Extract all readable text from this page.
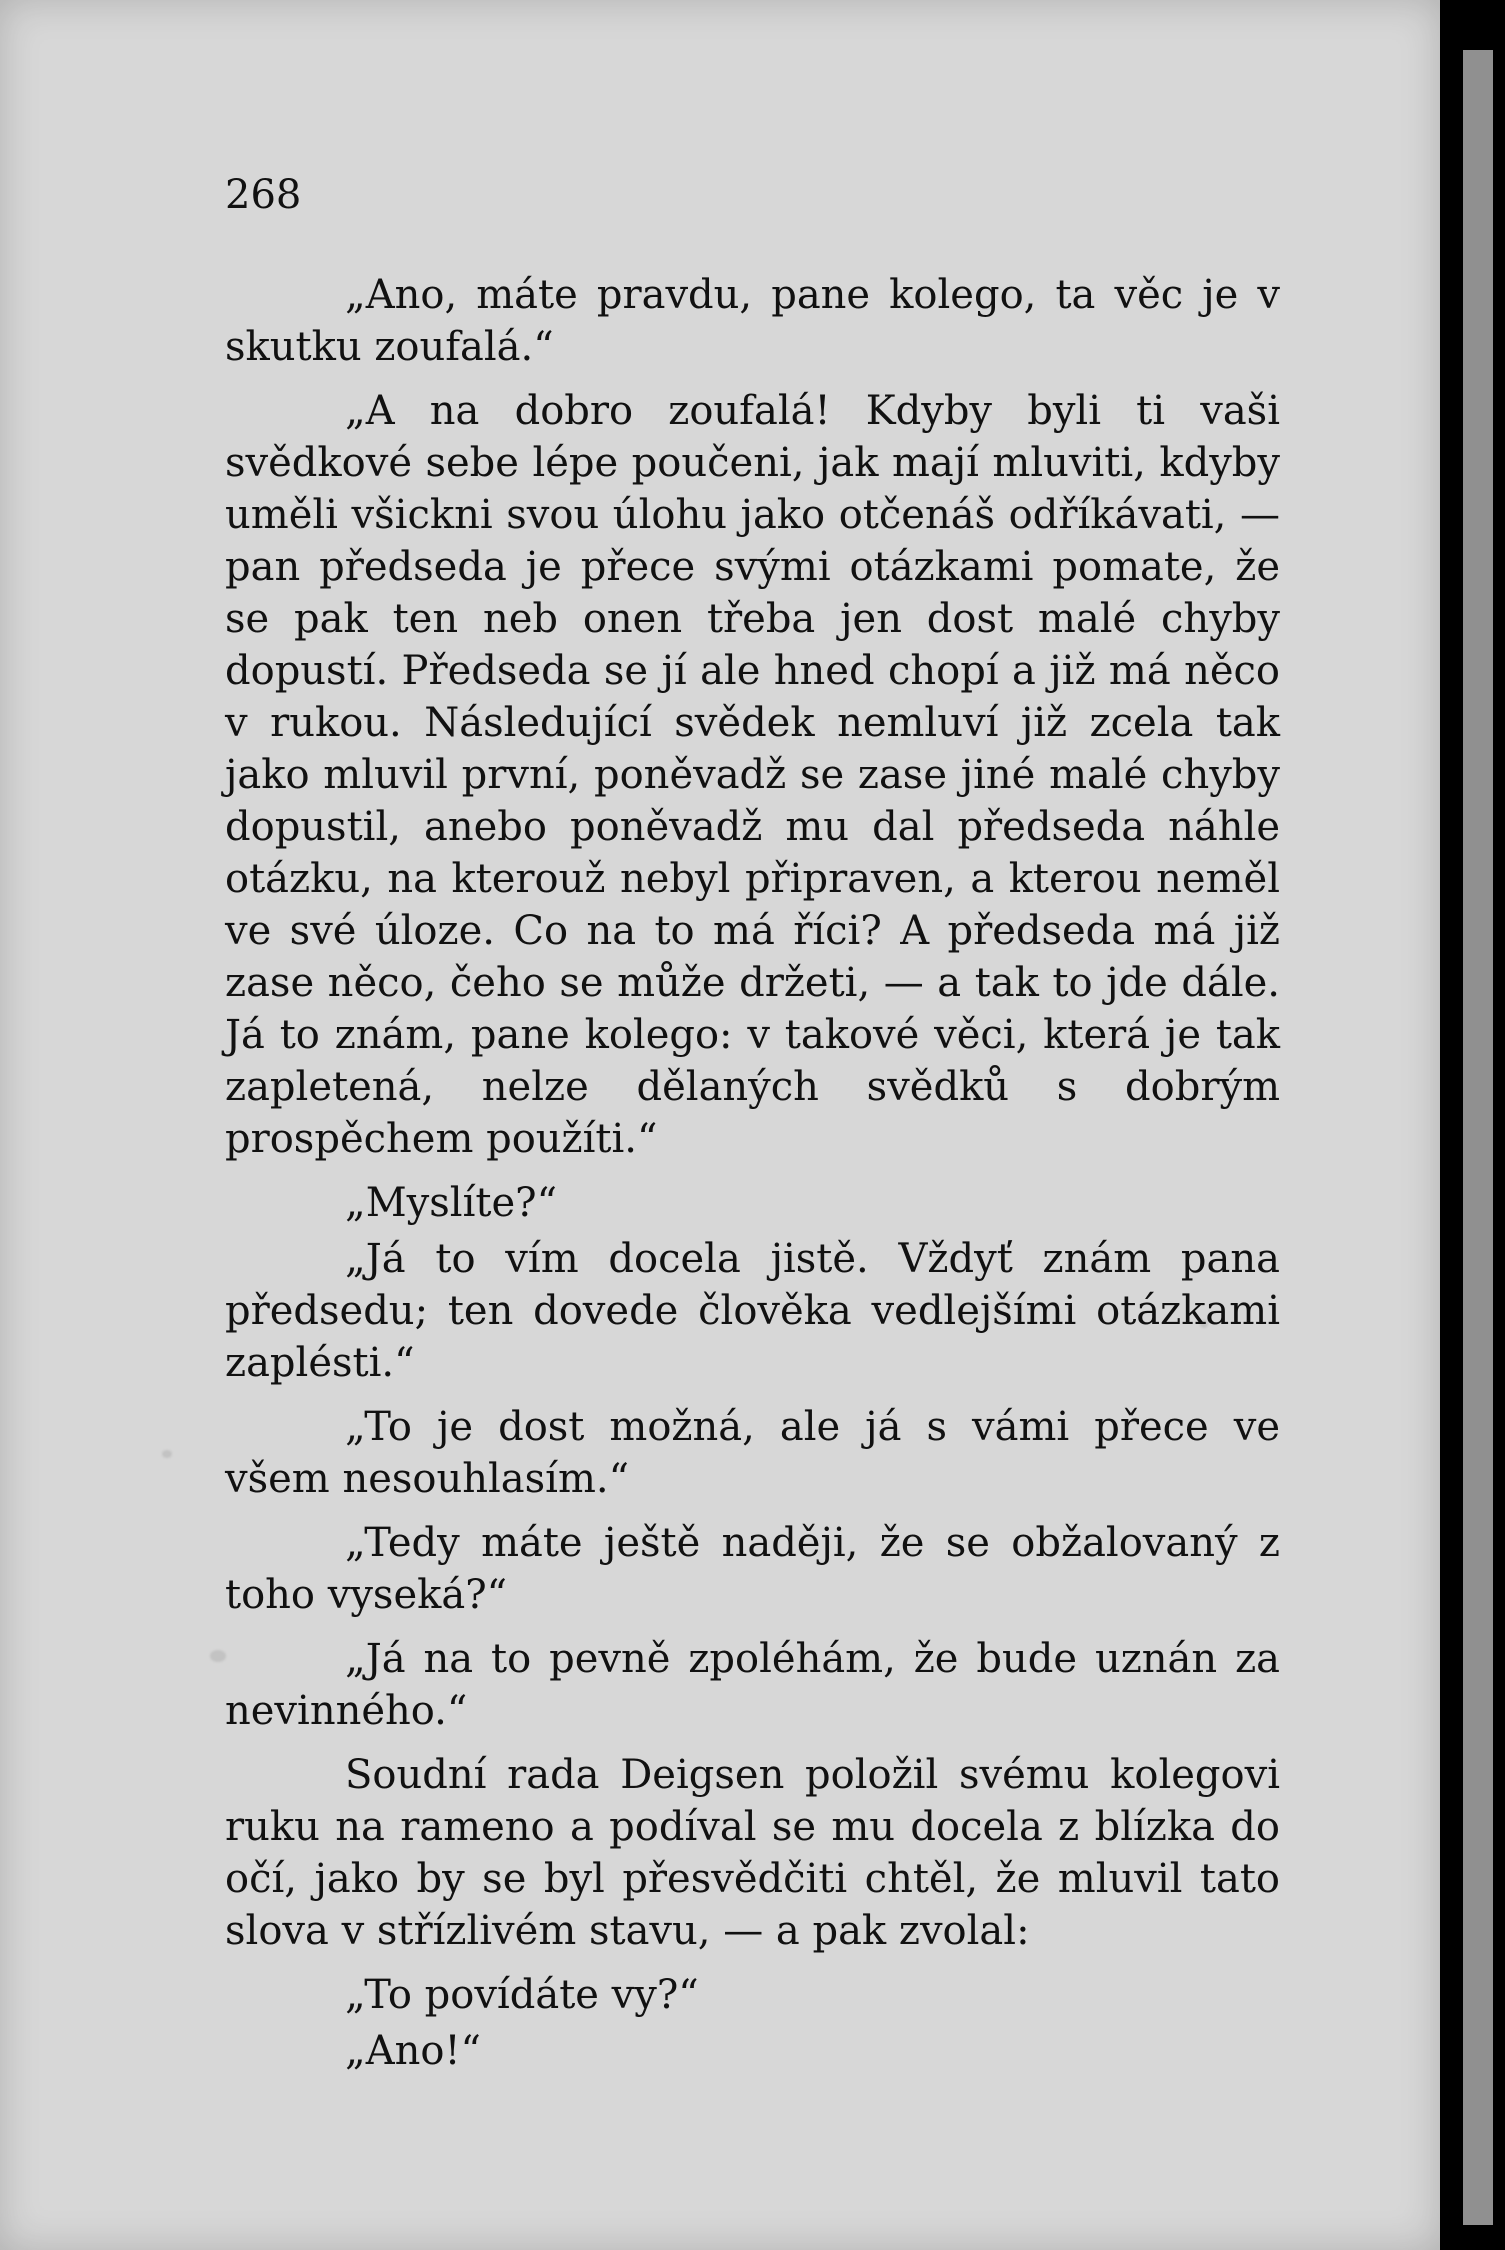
268

„Ano, máte pravdu, pane kolego, ta věc je v skutku zoufalá.“

„A na dobro zoufalá! Kdyby byli ti vaši svědkové sebe lépe poučeni, jak mají mluviti, kdyby uměli všickni svou úlohu jako otčenáš odříkávati, — pan předseda je přece svými otázkami pomate, že se pak ten neb onen třeba jen dost malé chyby dopustí. Předseda se jí ale hned chopí a již má něco v rukou. Následující svědek nemluví již zcela tak jako mluvil první, poněvadž se zase jiné malé chyby dopustil, anebo poněvadž mu dal předseda náhle otázku, na kterouž nebyl připraven, a kterou neměl ve své úloze. Co na to má říci? A předseda má již zase něco, čeho se může držeti, — a tak to jde dále. Já to znám, pane kolego: v takové věci, která je tak zapletená, nelze dělaných svědků s dobrým prospěchem použíti.“

„Myslíte?“

„Já to vím docela jistě. Vždyť znám pana předsedu; ten dovede člověka vedlejšími otázkami zaplésti.“

„To je dost možná, ale já s vámi přece ve všem nesouhlasím.“

„Tedy máte ještě naději, že se obžalovaný z toho vyseká?“

„Já na to pevně zpoléhám, že bude uznán za nevinného.“

Soudní rada Deigsen položil svému kolegovi ruku na rameno a podíval se mu docela z blízka do očí, jako by se byl přesvědčiti chtěl, že mluvil tato slova v střízlivém stavu, — a pak zvolal:

„To povídáte vy?“

„Ano!“
